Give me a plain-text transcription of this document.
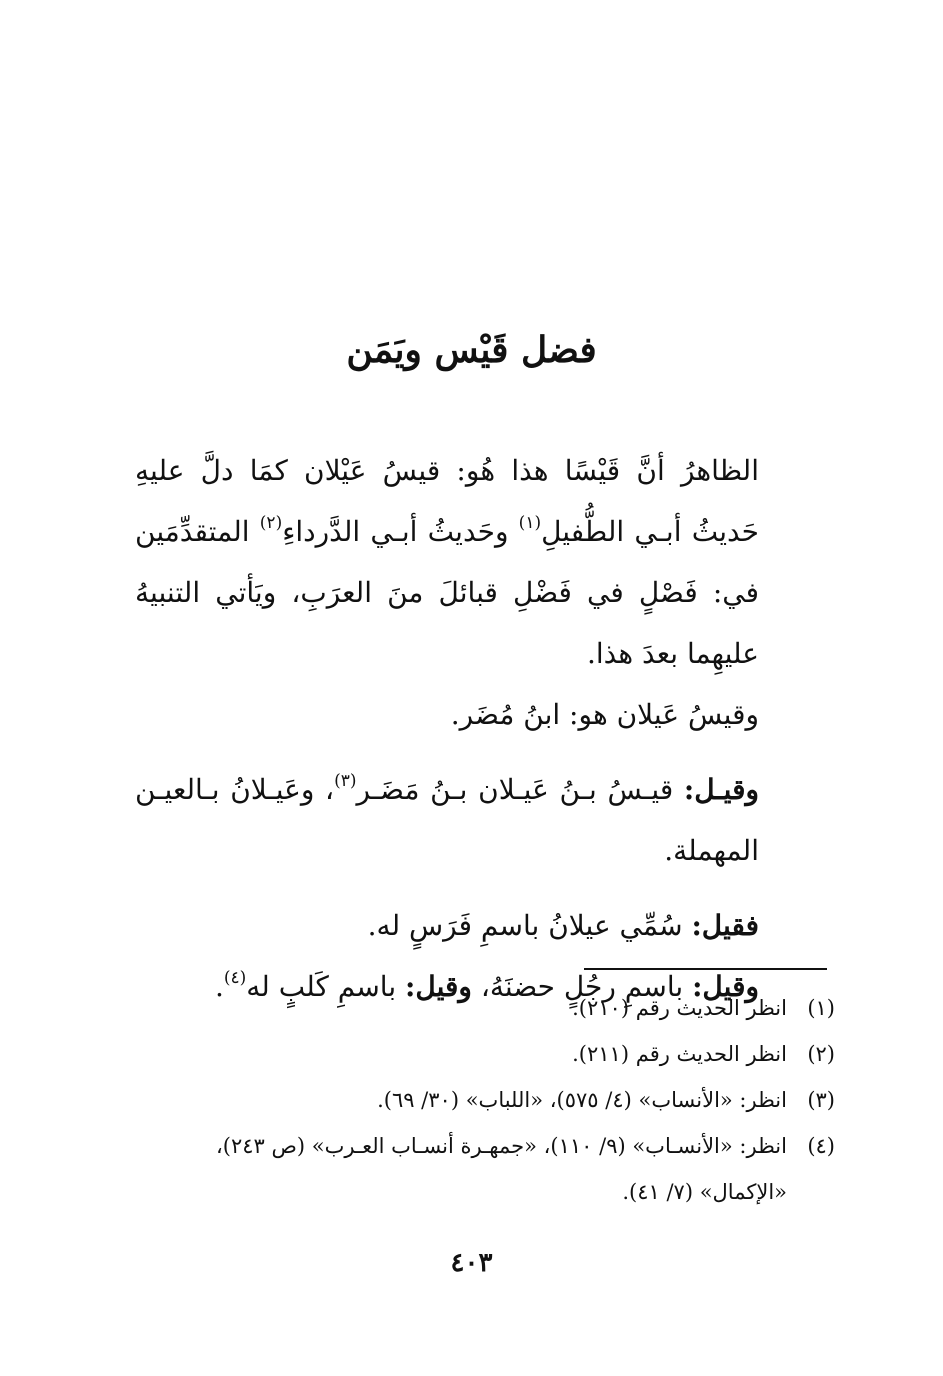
فضل قَيْس ويَمَن

الظاهرُ أنَّ قَيْسًا هذا هُو: قيسُ عَيْلان كمَا دلَّ عليهِ حَديثُ أبـي الطُّفيلِ$^{(١)}$ وحَديثُ أبـي الدَّرداءِ$^{(٢)}$ المتقدِّمَين في: فَصْلٍ في فَضْلِ قبائلَ منَ العرَبِ، ويَأتي التنبيهُ عليهِما بعدَ هذا.

وقيسُ عَيلان هو: ابنُ مُضَر.

وقيـل: قيـسُ بـنُ عَيـلان بـنُ مَضَـر$^{(٣)}$، وعَيـلانُ بـالعيـن المهملة.

فقيل: سُمِّي عيلانُ باسمِ فَرَسٍ له.

وقيل: باسمِ رجُلٍ حضنَهُ، وقيل: باسمِ كَلبٍ له$^{(٤)}$.

(١)انظر الحديث رقم (٢١٠).

(٢)انظر الحديث رقم (٢١١).

(٣)انظر: «الأنساب» (٤/ ٥٧٥)، «اللباب» (٣٠/ ٦٩).

(٤)انظر: «الأنسـاب» (٩/ ١١٠)، «جمهـرة أنسـاب العـرب» (ص ٢٤٣)،

«الإكمال» (٧/ ٤١).

٤٠٣
